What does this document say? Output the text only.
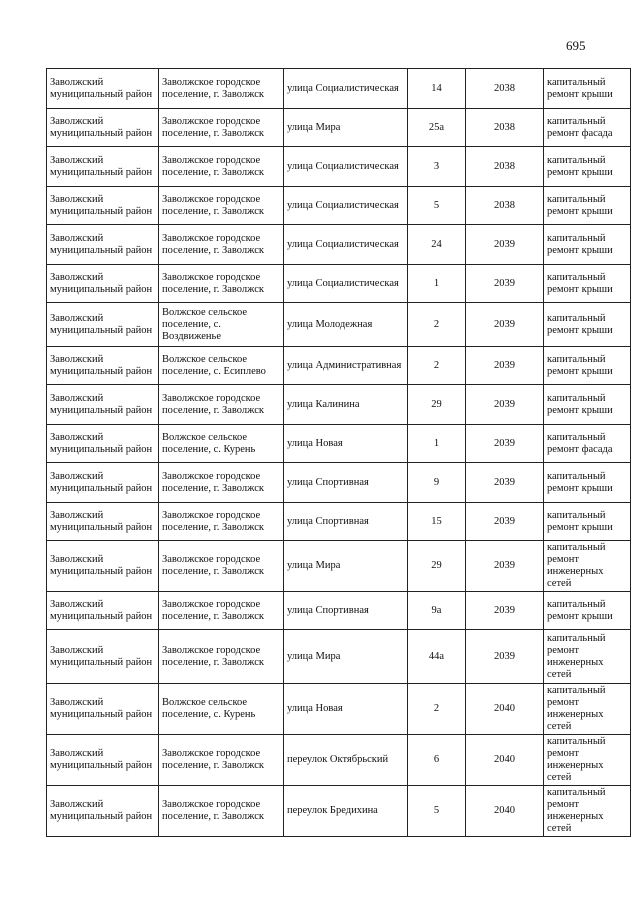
695
Заволжский муниципальный район	Заволжское городское поселение, г. Заволжск	улица Социалистическая	14	2038	капитальный ремонт крыши
Заволжский муниципальный район	Заволжское городское поселение, г. Заволжск	улица Мира	25а	2038	капитальный ремонт фасада
Заволжский муниципальный район	Заволжское городское поселение, г. Заволжск	улица Социалистическая	3	2038	капитальный ремонт крыши
Заволжский муниципальный район	Заволжское городское поселение, г. Заволжск	улица Социалистическая	5	2038	капитальный ремонт крыши
Заволжский муниципальный район	Заволжское городское поселение, г. Заволжск	улица Социалистическая	24	2039	капитальный ремонт крыши
Заволжский муниципальный район	Заволжское городское поселение, г. Заволжск	улица Социалистическая	1	2039	капитальный ремонт крыши
Заволжский муниципальный район	Волжское сельское поселение, с. Воздвиженье	улица Молодежная	2	2039	капитальный ремонт крыши
Заволжский муниципальный район	Волжское сельское поселение, с. Есиплево	улица Административная	2	2039	капитальный ремонт крыши
Заволжский муниципальный район	Заволжское городское поселение, г. Заволжск	улица Калинина	29	2039	капитальный ремонт крыши
Заволжский муниципальный район	Волжское сельское поселение, с. Курень	улица Новая	1	2039	капитальный ремонт фасада
Заволжский муниципальный район	Заволжское городское поселение, г. Заволжск	улица Спортивная	9	2039	капитальный ремонт крыши
Заволжский муниципальный район	Заволжское городское поселение, г. Заволжск	улица Спортивная	15	2039	капитальный ремонт крыши
Заволжский муниципальный район	Заволжское городское поселение, г. Заволжск	улица Мира	29	2039	капитальный ремонт инженерных сетей
Заволжский муниципальный район	Заволжское городское поселение, г. Заволжск	улица Спортивная	9а	2039	капитальный ремонт крыши
Заволжский муниципальный район	Заволжское городское поселение, г. Заволжск	улица Мира	44а	2039	капитальный ремонт инженерных сетей
Заволжский муниципальный район	Волжское сельское поселение, с. Курень	улица Новая	2	2040	капитальный ремонт инженерных сетей
Заволжский муниципальный район	Заволжское городское поселение, г. Заволжск	переулок Октябрьский	6	2040	капитальный ремонт инженерных сетей
Заволжский муниципальный район	Заволжское городское поселение, г. Заволжск	переулок Бредихина	5	2040	капитальный ремонт инженерных сетей
